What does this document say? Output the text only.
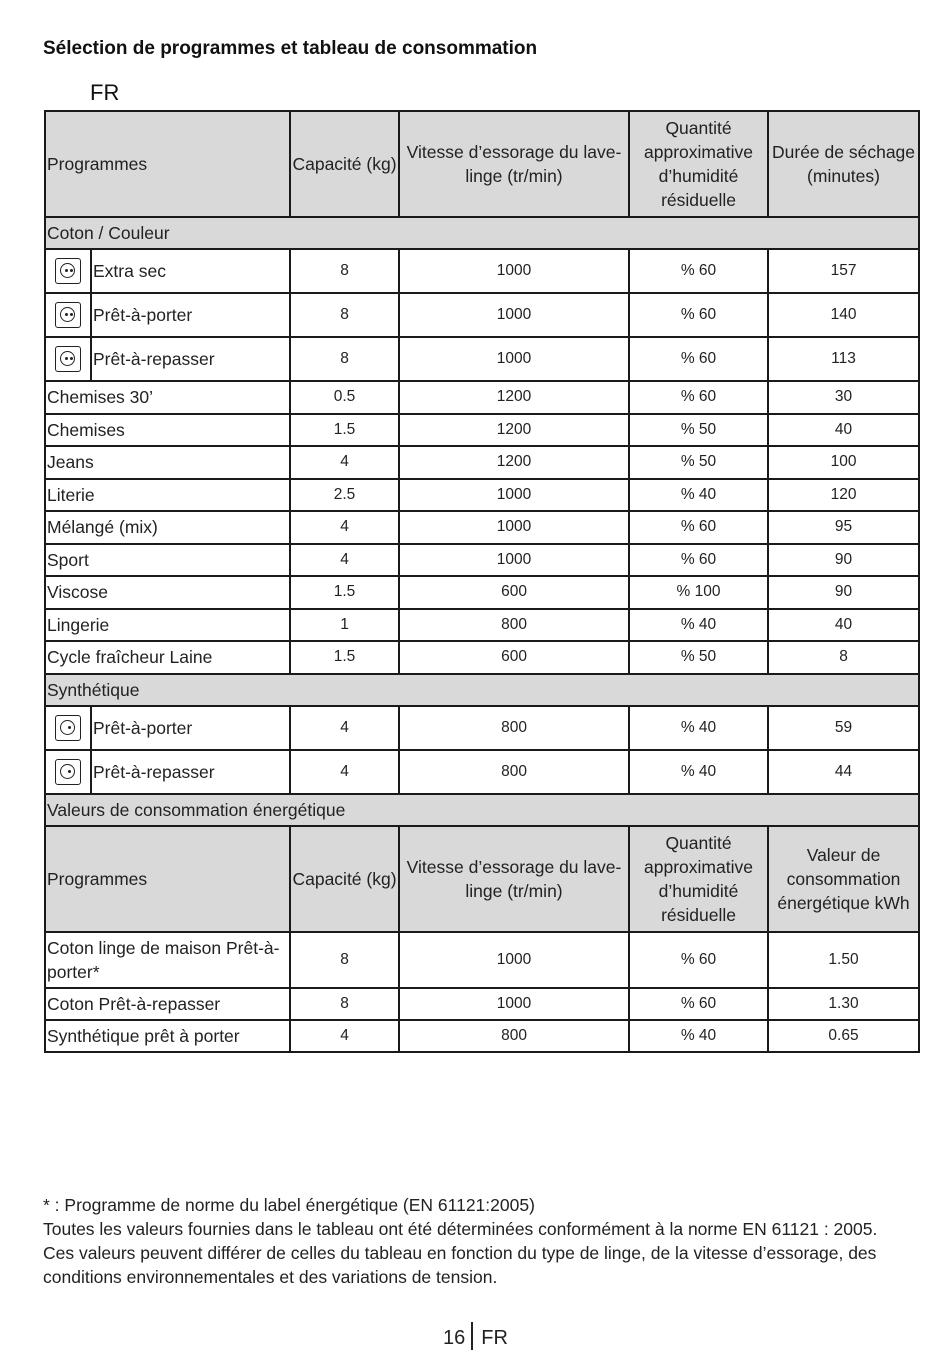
Sélection de programmes et tableau de consommation
FR
Programmes		Capacité (kg)	Vitesse d’essorage du lave-linge (tr/min)	Quantité approximative d’humidité résiduelle	Durée de séchage (minutes)
Coton / Couleur					

	Extra sec	8	1000	% 60	157

	Prêt-à-porter	8	1000	% 60	140

	Prêt-à-repasser	8	1000	% 60	113
Chemises 30’		0.5	1200	% 60	30
Chemises		1.5	1200	% 50	40
Jeans		4	1200	% 50	100
Literie		2.5	1000	% 40	120
Mélangé (mix)		4	1000	% 60	95
Sport		4	1000	% 60	90
Viscose		1.5	600	% 100	90
Lingerie		1	800	% 40	40
Cycle fraîcheur Laine		1.5	600	% 50	8
Synthétique					

	Prêt-à-porter	4	800	% 40	59

	Prêt-à-repasser	4	800	% 40	44
Valeurs de consommation énergétique					
Programmes		Capacité (kg)	Vitesse d’essorage du lave-linge (tr/min)	Quantité approximative d’humidité résiduelle	Valeur de consommation énergétique kWh
Coton linge de maison Prêt-à-porter*		8	1000	% 60	1.50
Coton Prêt-à-repasser		8	1000	% 60	1.30
Synthétique prêt à porter		4	800	% 40	0.65
* : Programme de norme du label énergétique (EN 61121:2005)
Toutes les valeurs fournies dans le tableau ont été déterminées conformément à la norme EN 61121 : 2005. Ces valeurs peuvent différer de celles du tableau en fonction du type de linge, de la vitesse d’essorage, des conditions environnementales et des variations de tension.
16 FR
